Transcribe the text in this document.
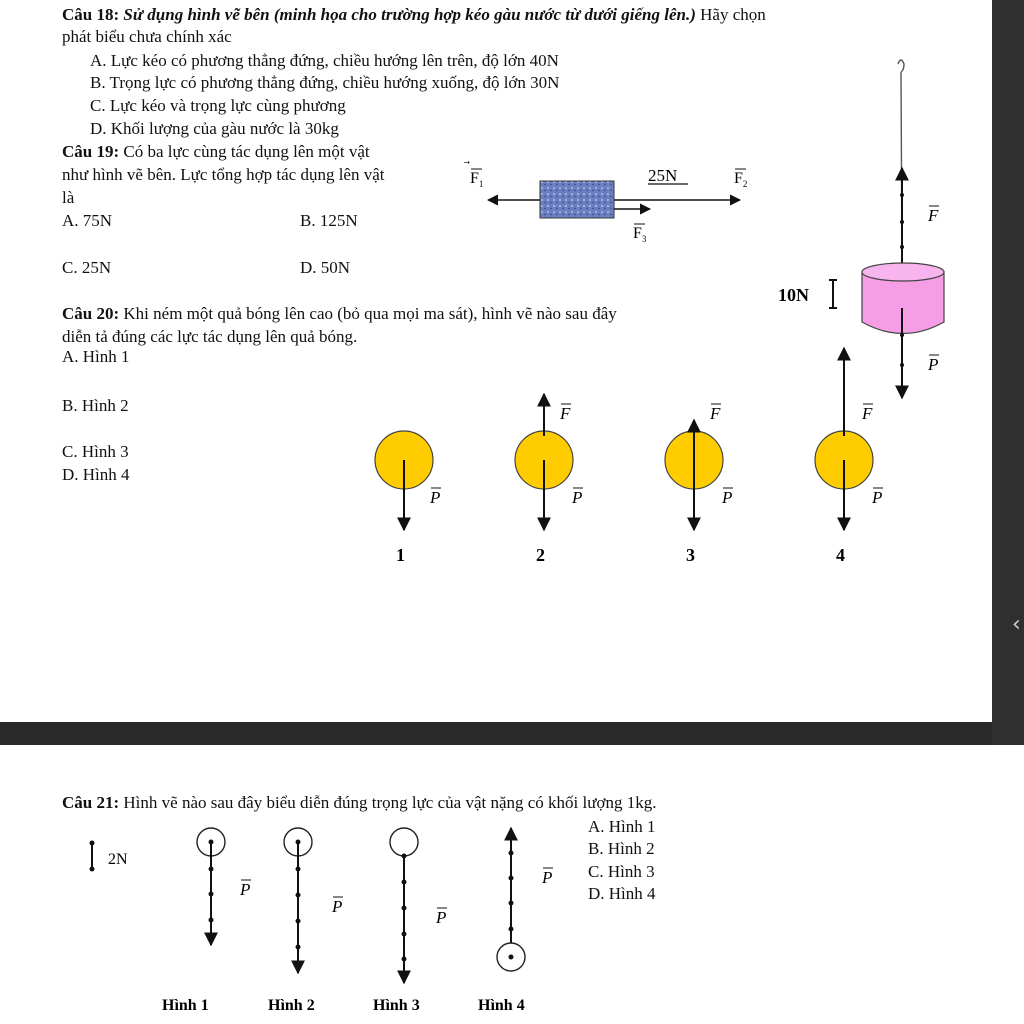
Câu 18: Sử dụng hình vẽ bên (minh họa cho trường hợp kéo gàu nước từ dưới giếng lên.) Hãy chọn
phát biểu chưa chính xác
A. Lực kéo có phương thẳng đứng, chiều hướng lên trên, độ lớn 40N
B. Trọng lực có phương thẳng đứng, chiều hướng xuống, độ lớn 30N
C. Lực kéo và trọng lực cùng phương
D. Khối lượng của gàu nước là 30kg
Câu 19: Có ba lực cùng tác dụng lên một vật
như hình vẽ bên. Lực tổng hợp tác dụng lên vật
là
A. 75N	B. 125N
C. 25N	D. 50N
Câu 20: Khi ném một quả bóng lên cao (bỏ qua mọi ma sát), hình vẽ nào sau đây
diễn tả đúng các lực tác dụng lên quả bóng.
A. Hình 1
B. Hình 2
C. Hình 3
D. Hình 4
$F_1$	$F_2$
$F_3$
25N
10N
F
P
P
1
F
P
2
F
P
3
F
P
4
‹
Câu 21: Hình vẽ nào sau đây biểu diễn đúng trọng lực của vật nặng có khối lượng 1kg.
A. Hình 1
B. Hình 2
C. Hình 3
D. Hình 4
2N
P
Hình 1
P
Hình 2
P
Hình 3
P
Hình 4
